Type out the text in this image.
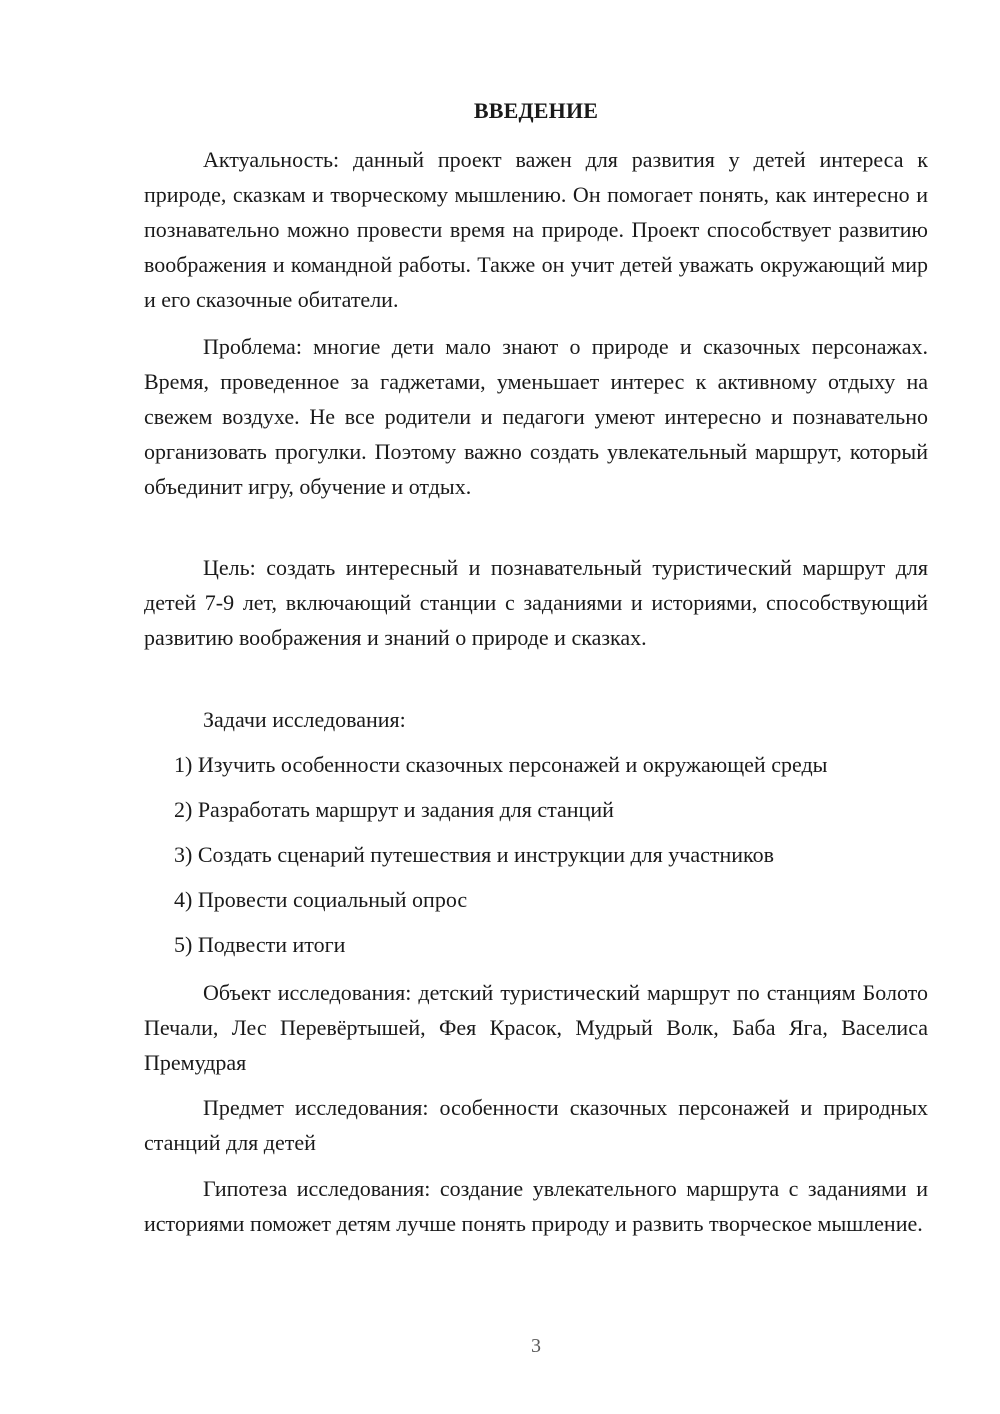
ВВЕДЕНИЕ

Актуальность: данный проект важен для развития у детей интереса к природе, сказкам и творческому мышлению. Он помогает понять, как интересно и познавательно можно провести время на природе. Проект способствует развитию воображения и командной работы. Также он учит детей уважать окружающий мир и его сказочные обитатели.

Проблема: многие дети мало знают о природе и сказочных персонажах. Время, проведенное за гаджетами, уменьшает интерес к активному отдыху на свежем воздухе. Не все родители и педагоги умеют интересно и познавательно организовать прогулки. Поэтому важно создать увлекательный маршрут, который объединит игру, обучение и отдых.

Цель: создать интересный и познавательный туристический маршрут для детей 7-9 лет, включающий станции с заданиями и историями, способствующий развитию воображения и знаний о природе и сказках.

Задачи исследования:

1) Изучить особенности сказочных персонажей и окружающей среды
2) Разработать маршрут и задания для станций
3) Создать сценарий путешествия и инструкции для участников
4) Провести социальный опрос
5) Подвести итоги

Объект исследования: детский туристический маршрут по станциям Болото Печали, Лес Перевёртышей, Фея Красок, Мудрый Волк, Баба Яга, Васелиса Премудрая

Предмет исследования: особенности сказочных персонажей и природных станций для детей

Гипотеза исследования: создание увлекательного маршрута с заданиями и историями поможет детям лучше понять природу и развить творческое мышление.

3
